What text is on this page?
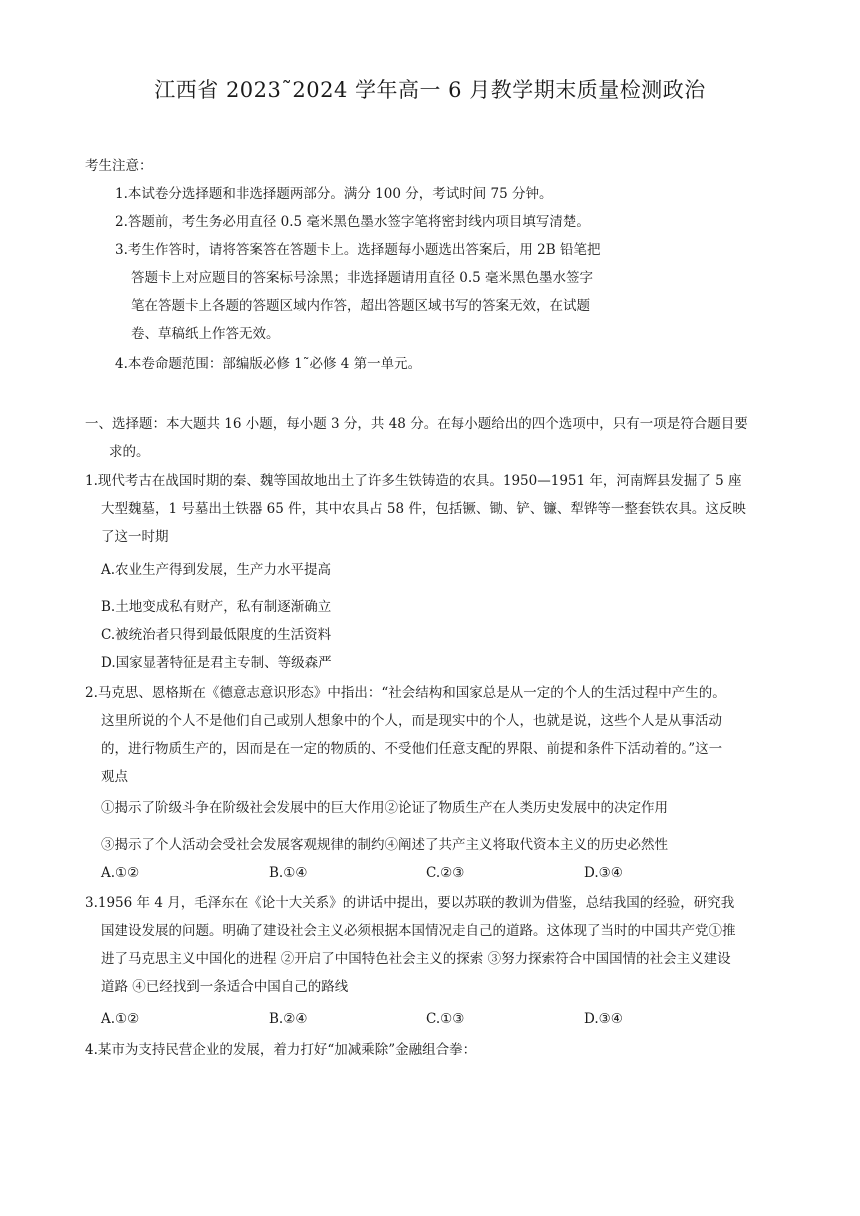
江西省 2023˜2024 学年高一 6 月教学期末质量检测政治
考生注意：
1.本试卷分选择题和非选择题两部分。满分 100 分，考试时间 75 分钟。
2.答题前，考生务必用直径 0.5 毫米黑色墨水签字笔将密封线内项目填写清楚。
3.考生作答时，请将答案答在答题卡上。选择题每小题选出答案后，用 2B 铅笔把
答题卡上对应题目的答案标号涂黑；非选择题请用直径 0.5 毫米黑色墨水签字
笔在答题卡上各题的答题区域内作答，超出答题区域书写的答案无效，在试题
卷、草稿纸上作答无效。
4.本卷命题范围：部编版必修 1˜必修 4 第一单元。
一、选择题：本大题共 16 小题，每小题 3 分，共 48 分。在每小题给出的四个选项中，只有一项是符合题目要
求的。
1.现代考古在战国时期的秦、魏等国故地出土了许多生铁铸造的农具。1950—1951 年，河南辉县发掘了 5 座
大型魏墓，1 号墓出土铁器 65 件，其中农具占 58 件，包括镢、锄、铲、镰、犁铧等一整套铁农具。这反映
了这一时期
A.农业生产得到发展，生产力水平提高
B.土地变成私有财产，私有制逐渐确立
C.被统治者只得到最低限度的生活资料
D.国家显著特征是君主专制、等级森严
2.马克思、恩格斯在《德意志意识形态》中指出：“社会结构和国家总是从一定的个人的生活过程中产生的。
这里所说的个人不是他们自己或别人想象中的个人，而是现实中的个人，也就是说，这些个人是从事活动
的，进行物质生产的，因而是在一定的物质的、不受他们任意支配的界限、前提和条件下活动着的。”这一
观点
①揭示了阶级斗争在阶级社会发展中的巨大作用②论证了物质生产在人类历史发展中的决定作用
③揭示了个人活动会受社会发展客观规律的制约④阐述了共产主义将取代资本主义的历史必然性
A.①②	B.①④	C.②③	D.③④
3.1956 年 4 月，毛泽东在《论十大关系》的讲话中提出，要以苏联的教训为借鉴，总结我国的经验，研究我
国建设发展的问题。明确了建设社会主义必须根据本国情况走自己的道路。这体现了当时的中国共产党①推
进了马克思主义中国化的进程 ②开启了中国特色社会主义的探索 ③努力探索符合中国国情的社会主义建设
道路 ④已经找到一条适合中国自己的路线
A.①②	B.②④	C.①③	D.③④
4.某市为支持民营企业的发展，着力打好“加减乘除”金融组合拳：
